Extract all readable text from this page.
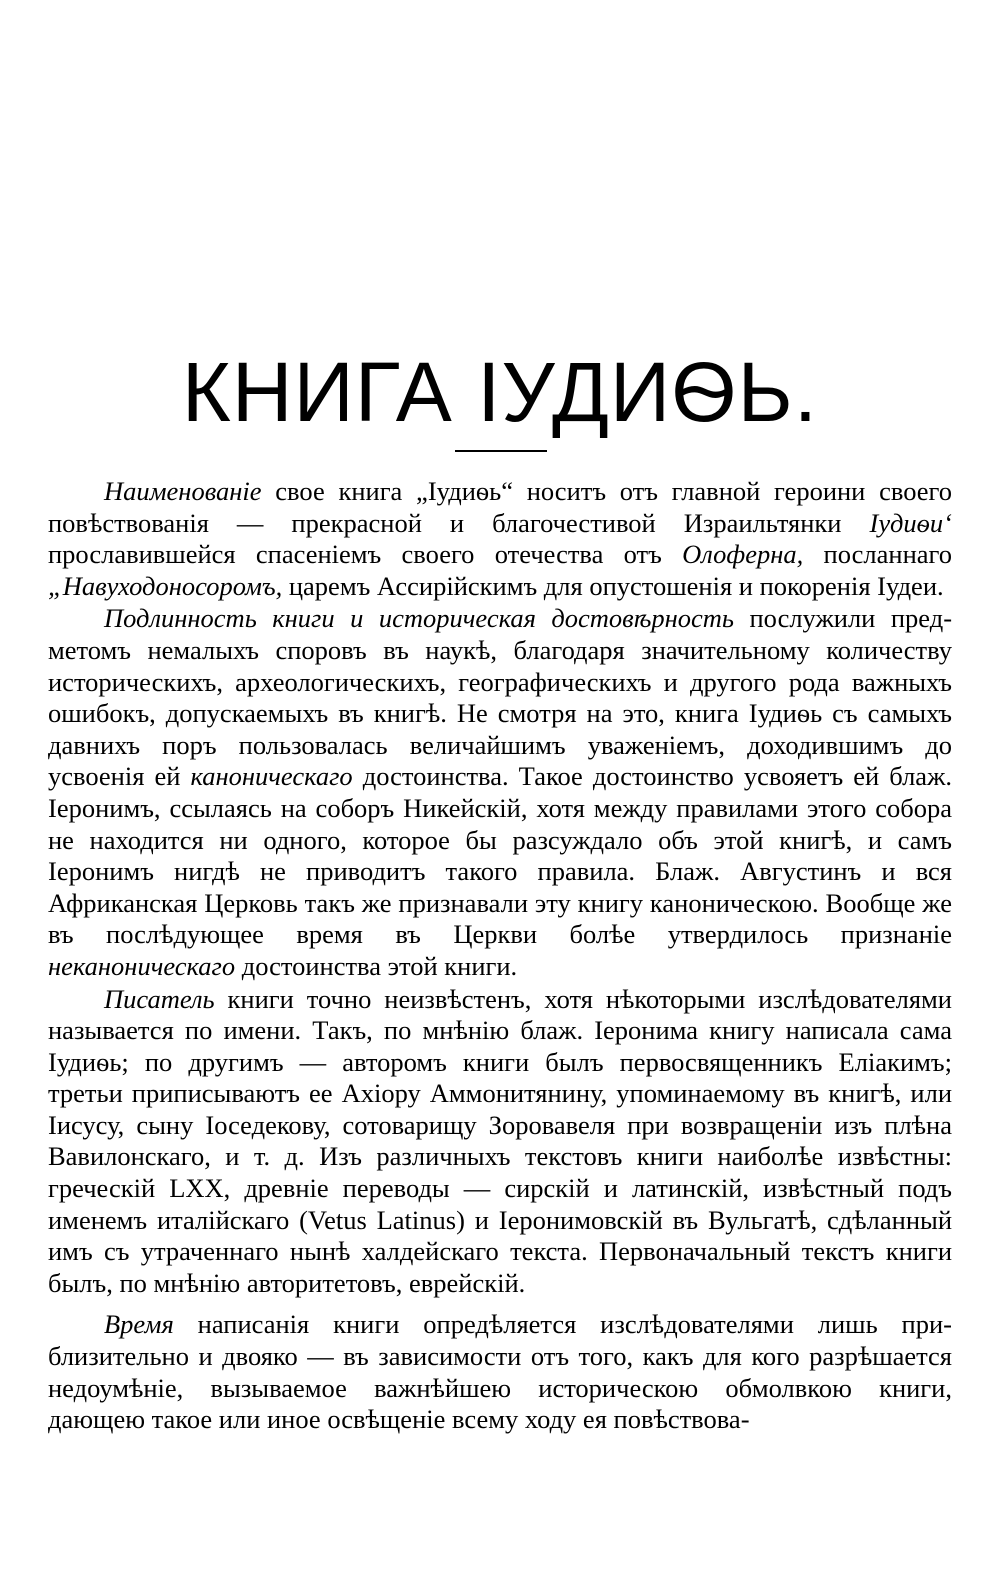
КНИГА ІУДИѲЬ.

Наименованіе свое книга „Іудиѳь“ носитъ отъ главной героини своего повѣствованія — прекрасной и благочестивой Израильтянки Іудиѳи‘ прославившейся спасеніемъ своего отечества отъ Олоферна, посланнаго „Навуходоносоромъ, царемъ Ассирійскимъ для опустошенія и покоренія Іудеи.

Подлинность книги и историческая достовѣрность послужили предметомъ немалыхъ споровъ въ наукѣ, благодаря значительному количеству историческихъ, археологическихъ, географическихъ и другого рода важныхъ ошибокъ, допускаемыхъ въ книгѣ. Не смотря на это, книга Іудиѳь съ самыхъ давнихъ поръ пользовалась величайшимъ уваженіемъ, доходившимъ до усвоенія ей каноническаго достоинства. Такое достоинство усвояетъ ей блаж. Іеронимъ, ссылаясь на соборъ Никейскій, хотя между правилами этого собора не находится ни одного, которое бы разсуждало объ этой книгѣ, и самъ Іеронимъ нигдѣ не приводитъ такого правила. Блаж. Августинъ и вся Африканская Церковь такъ же признавали эту книгу каноническою. Вообще же въ послѣдующее время въ Церкви болѣе утвердилось признаніе неканоническаго достоинства этой книги.

Писатель книги точно неизвѣстенъ, хотя нѣкоторыми изслѣдователями называется по имени. Такъ, по мнѣнію блаж. Іеронима книгу написала сама Іудиѳь; по другимъ — авторомъ книги былъ первосвященникъ Еліакимъ; третьи приписываютъ ее Ахіору Аммонитянину, упоминаемому въ книгѣ, или Іисусу, сыну Іоседекову, сотоварищу Зоровавеля при возвращеніи изъ плѣна Вавилонскаго, и т. д. Изъ различныхъ текстовъ книги наиболѣе извѣстны: греческій LXX, древніе переводы — сирскій и латинскій, извѣстный подъ именемъ италійскаго (Vetus Latinus) и Іеронимовскій въ Вульгатѣ, сдѣланный имъ съ утраченнаго нынѣ халдейскаго текста. Первоначальный текстъ книги былъ, по мнѣнію авторитетовъ, еврейскій.

Время написанія книги опредѣляется изслѣдователями лишь приблизительно и двояко — въ зависимости отъ того, какъ для кого разрѣшается недоумѣніе, вызываемое важнѣйшею историческою обмолвкою книги, дающею такое или иное освѣщеніе всему ходу ея повѣствова-
